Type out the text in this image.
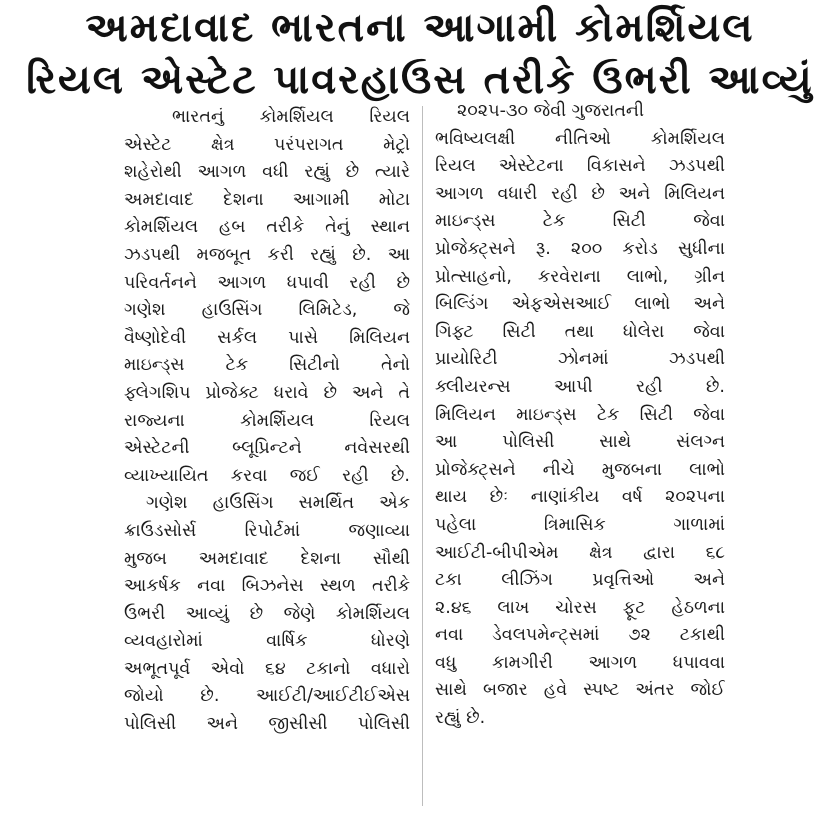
અમદાવાદ ભારતના આગામી કોમર્શિયલ
રિયલ એસ્ટેટ પાવરહાઉસ તરીકે ઉભરી આવ્યું
ભારતનું કોમર્શિયલ રિયલ
એસ્ટેટ ક્ષેત્ર પરંપરાગત મેટ્રો
શહેરોથી આગળ વધી રહ્યું છે ત્યારે
અમદાવાદ દેશના આગામી મોટા
કોમર્શિયલ હબ તરીકે તેનું સ્થાન
ઝડપથી મજબૂત કરી રહ્યું છે. આ
પરિવર્તનને આગળ ધપાવી રહી છે
ગણેશ હાઉસિંગ લિમિટેડ, જે
વૈષ્ણોદેવી સર્કલ પાસે મિલિયન
માઇન્ડ્સ ટેક સિટીનો તેનો
ફ્લેગશિપ પ્રોજેક્ટ ધરાવે છે અને તે
રાજ્યના કોમર્શિયલ રિયલ
એસ્ટેટની બ્લૂપ્રિન્ટને નવેસરથી
વ્યાખ્યાયિત કરવા જઈ રહી છે.
ગણેશ હાઉસિંગ સમર્થિત એક
ક્રાઉડસોર્સ રિપોર્ટમાં જણાવ્યા
મુજબ અમદાવાદ દેશના સૌથી
આકર્ષક નવા બિઝનેસ સ્થળ તરીકે
ઉભરી આવ્યું છે જેણે કોમર્શિયલ
વ્યવહારોમાં વાર્ષિક ધોરણે
અભૂતપૂર્વ એવો ૬૪ ટકાનો વધારો
જોયો છે. આઈટી/આઈટીઈએસ
પોલિસી અને જીસીસી પોલિસી
૨૦૨૫-૩૦ જેવી ગુજરાતની
ભવિષ્યલક્ષી નીતિઓ કોમર્શિયલ
રિયલ એસ્ટેટના વિકાસને ઝડપથી
આગળ વધારી રહી છે અને મિલિયન
માઇન્ડ્સ ટેક સિટી જેવા
પ્રોજેક્ટ્સને રૂ. ૨૦૦ કરોડ સુધીના
પ્રોત્સાહનો, કરવેરાના લાભો, ગ્રીન
બિલ્ડિંગ એફએસઆઈ લાભો અને
ગિફ્ટ સિટી તથા ધોલેરા જેવા
પ્રાયોરિટી ઝોનમાં ઝડપથી
ક્લીયરન્સ આપી રહી છે.
મિલિયન માઇન્ડ્સ ટેક સિટી જેવા
આ પોલિસી સાથે સંલગ્ન
પ્રોજેક્ટ્સને નીચે મુજબના લાભો
થાય છેઃ નાણાંકીય વર્ષ ૨૦૨૫ના
પહેલા ત્રિમાસિક ગાળામાં
આઈટી-બીપીએમ ક્ષેત્ર દ્વારા ૬૮
ટકા લીઝિંગ પ્રવૃત્તિઓ અને
૨.૪૬ લાખ ચોરસ ફૂટ હેઠળના
નવા ડેવલપમેન્ટ્સમાં ૭૨ ટકાથી
વધુ કામગીરી આગળ ધપાવવા
સાથે બજાર હવે સ્પષ્ટ અંતર જોઈ
રહ્યું છે.
